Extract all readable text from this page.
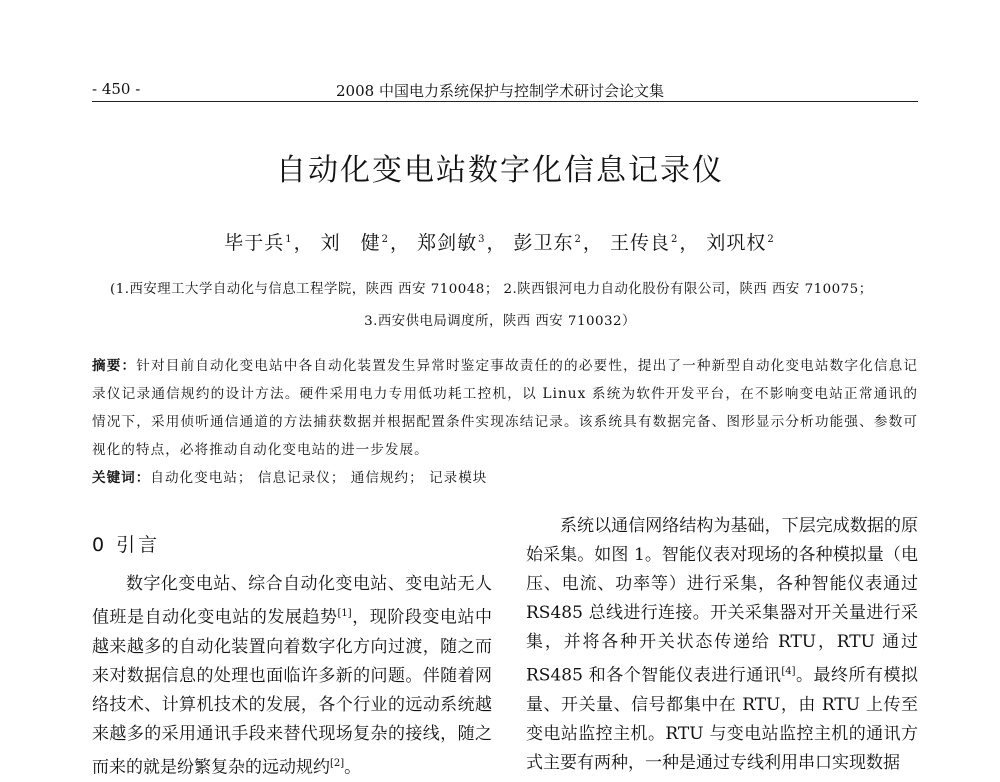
- 450 -	2008 中国电力系统保护与控制学术研讨会论文集
自动化变电站数字化信息记录仪
毕于兵$^1$， 刘　健$^2$， 郑剑敏$^3$， 彭卫东$^2$， 王传良$^2$， 刘巩权$^2$
(1.西安理工大学自动化与信息工程学院，陕西 西安 710048； 2.陕西银河电力自动化股份有限公司，陕西 西安 710075；
3.西安供电局调度所，陕西 西安 710032）
摘要：针对目前自动化变电站中各自动化装置发生异常时鉴定事故责任的的必要性，提出了一种新型自动化变电站数字化信息记录仪记录通信规约的设计方法。硬件采用电力专用低功耗工控机，以 Linux 系统为软件开发平台，在不影响变电站正常通讯的情况下，采用侦听通信通道的方法捕获数据并根据配置条件实现冻结记录。该系统具有数据完备、图形显示分析功能强、参数可视化的特点，必将推动自动化变电站的进一步发展。
关键词：自动化变电站； 信息记录仪； 通信规约； 记录模块
0 引言

数字化变电站、综合自动化变电站、变电站无人值班是自动化变电站的发展趋势[1]，现阶段变电站中越来越多的自动化装置向着数字化方向过渡，随之而来对数据信息的处理也面临许多新的问题。伴随着网络技术、计算机技术的发展，各个行业的远动系统越来越多的采用通讯手段来替代现场复杂的接线，随之而来的就是纷繁复杂的远动规约[2]。

系统以通信网络结构为基础，下层完成数据的原始采集。如图 1。智能仪表对现场的各种模拟量（电压、电流、功率等）进行采集，各种智能仪表通过 RS485 总线进行连接。开关采集器对开关量进行采集，并将各种开关状态传递给 RTU，RTU 通过 RS485 和各个智能仪表进行通讯[4]。最终所有模拟量、开关量、信号都集中在 RTU，由 RTU 上传至变电站监控主机。RTU 与变电站监控主机的通讯方式主要有两种，一种是通过专线利用串口实现数据
